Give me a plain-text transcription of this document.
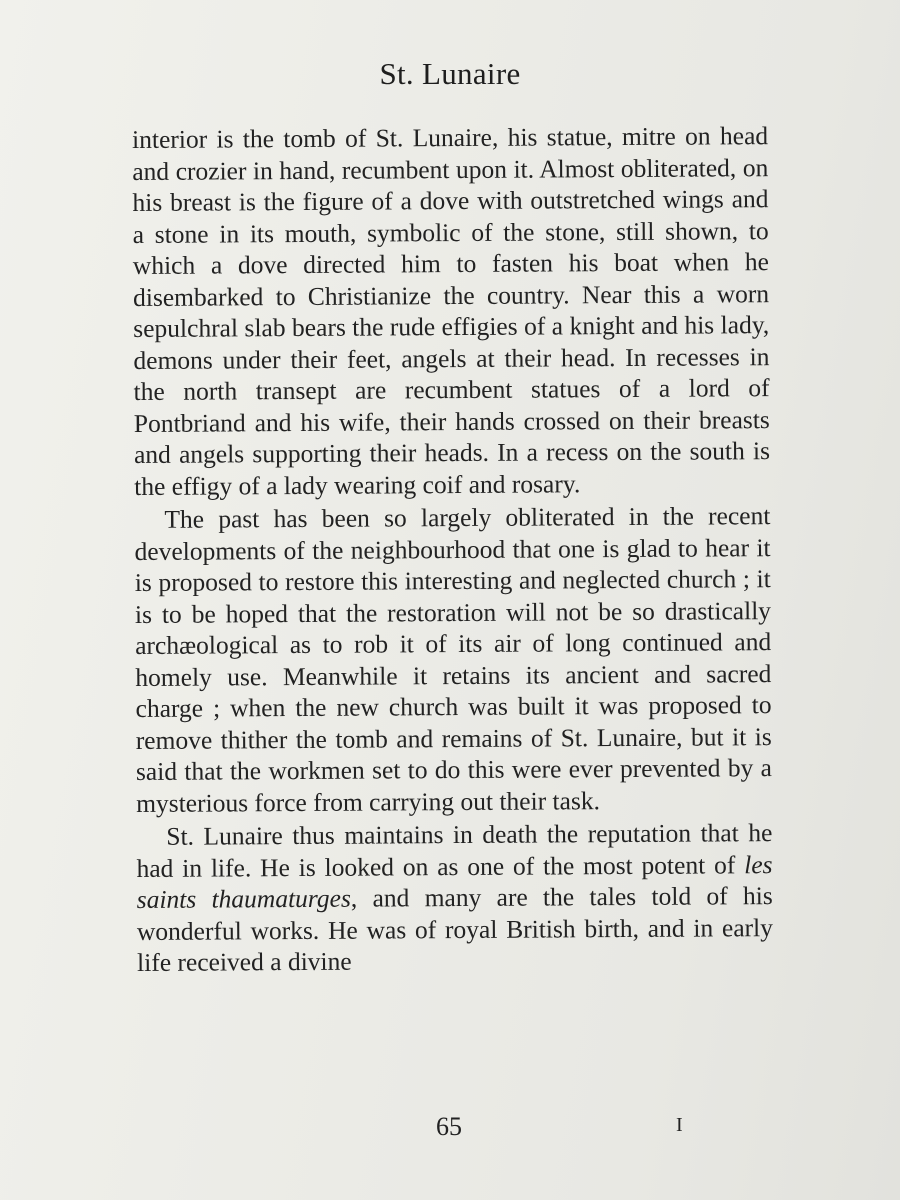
St. Lunaire

interior is the tomb of St. Lunaire, his statue, mitre on head and crozier in hand, recumbent upon it. Almost obliterated, on his breast is the figure of a dove with outstretched wings and a stone in its mouth, symbolic of the stone, still shown, to which a dove directed him to fasten his boat when he disembarked to Christianize the country. Near this a worn sepulchral slab bears the rude effigies of a knight and his lady, demons under their feet, angels at their head. In recesses in the north transept are recumbent statues of a lord of Pontbriand and his wife, their hands crossed on their breasts and angels supporting their heads. In a recess on the south is the effigy of a lady wearing coif and rosary.

The past has been so largely obliterated in the recent developments of the neighbourhood that one is glad to hear it is proposed to restore this interesting and neglected church ; it is to be hoped that the restoration will not be so drastically archæological as to rob it of its air of long continued and homely use. Meanwhile it retains its ancient and sacred charge ; when the new church was built it was proposed to remove thither the tomb and remains of St. Lunaire, but it is said that the workmen set to do this were ever prevented by a mysterious force from carrying out their task.

St. Lunaire thus maintains in death the reputation that he had in life. He is looked on as one of the most potent of les saints thaumaturges, and many are the tales told of his wonderful works. He was of royal British birth, and in early life received a divine

65	I
